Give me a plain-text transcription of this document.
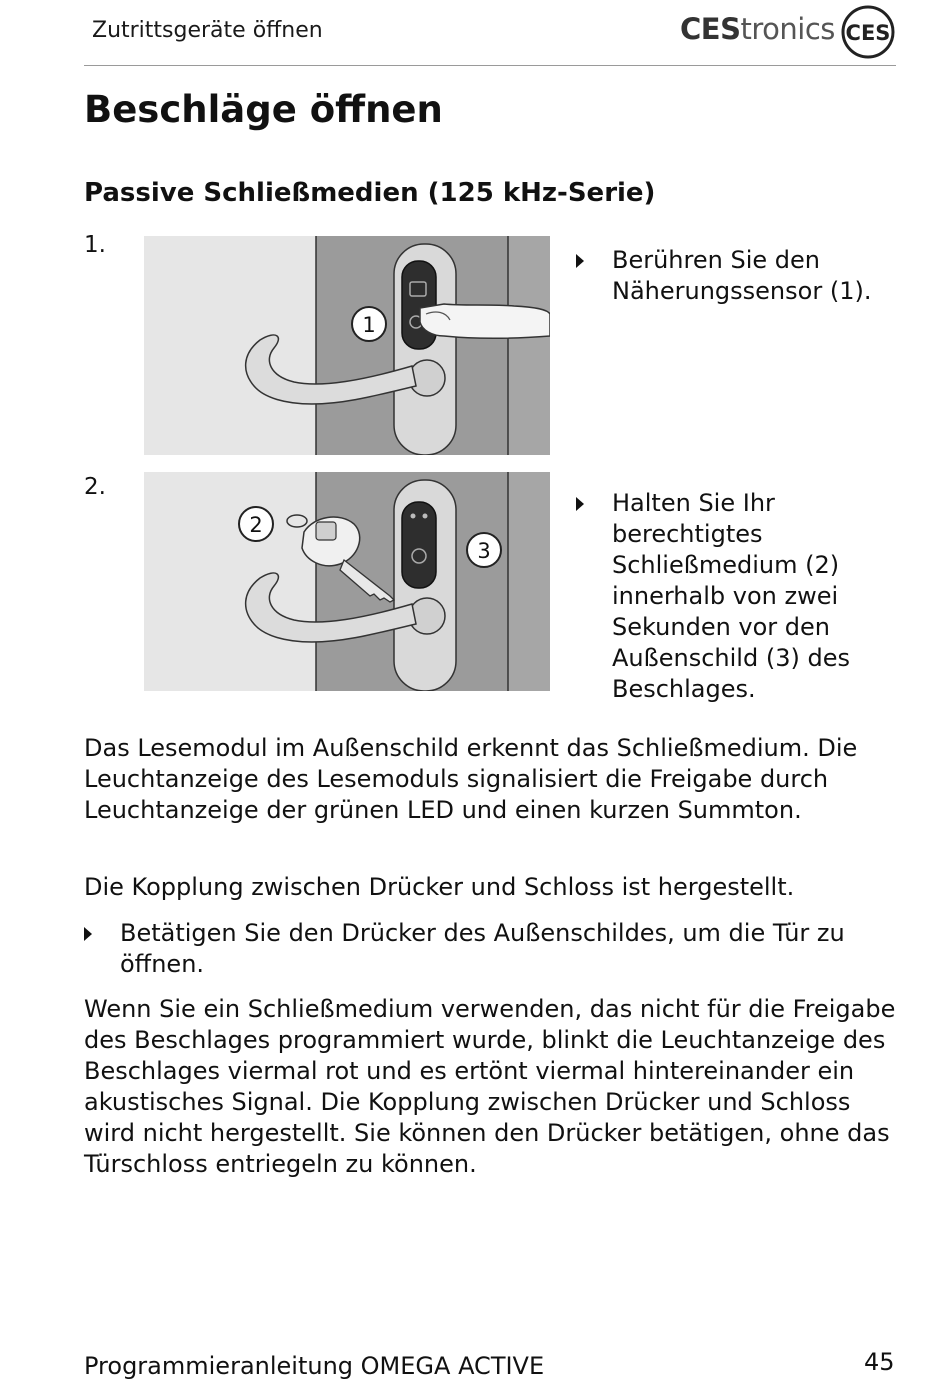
Zutrittsgeräte öffnen	CEStronics CES
Beschläge öffnen
Passive Schließmedien (125 kHz-Serie)
1.
1
Berühren Sie den Näherungssensor (1).
2.
2
3
Halten Sie Ihr berechtigtes Schließmedium (2) innerhalb von zwei Sekunden vor den Außenschild (3) des Beschlages.

Das Lesemodul im Außenschild erkennt das Schließmedium. Die Leuchtanzeige des Lesemoduls signalisiert die Freigabe durch Leuchtanzeige der grünen LED und einen kurzen Summton.

Die Kopplung zwischen Drücker und Schloss ist hergestellt.

Betätigen Sie den Drücker des Außenschildes, um die Tür zu öffnen.

Wenn Sie ein Schließmedium verwenden, das nicht für die Freigabe des Beschlages programmiert wurde, blinkt die Leuchtanzeige des Beschlages viermal rot und es ertönt viermal hintereinander ein akustisches Signal. Die Kopplung zwischen Drücker und Schloss wird nicht hergestellt. Sie können den Drücker betätigen, ohne das Türschloss entriegeln zu können.

Programmieranleitung OMEGA ACTIVE	45
